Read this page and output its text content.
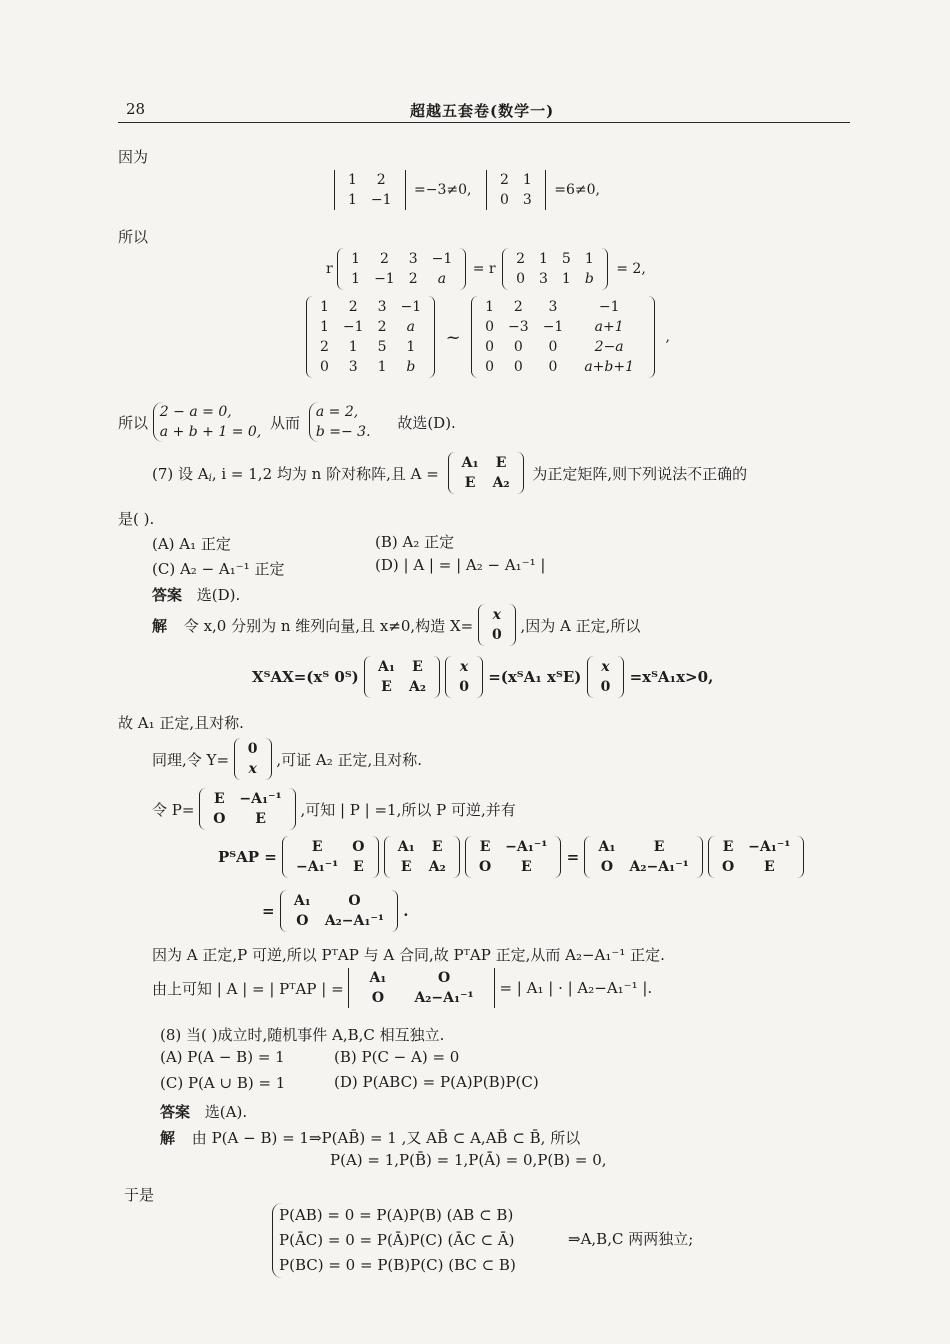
28	超越五套卷(数学一)
因为
1	2
1	−1
=−3≠0,
2	1
0	3
=6≠0,
所以
r
1	2	3	−1
1	−1	2	a
= r
2	1	5	1
0	3	1	b
= 2,
1	2	3	−1
1	−1	2	a
2	1	5	1
0	3	1	b
~
1	2	3	−1
0	−3	−1	a+1
0	0	0	2−a
0	0	0	a+b+1
,
所以
2 − a = 0,
a + b + 1 = 0,
从而
a = 2,
b =− 3.
故选(D).
(7) 设 $A_i$, i = 1,2 均为 n 阶对称阵,且 A =
A₁	E
E	A₂
为正定矩阵,则下列说法不正确的
是( ).
(A) A₁ 正定	(B) A₂ 正定
(C) A₂ − A₁⁻¹ 正定	(D) | A | = | A₂ − A₁⁻¹ |
答案 选(D).
解 令 x,0 分别为 n 维列向量,且 x≠0,构造 X=
x
0
,因为 A 正定,所以
XᵀAX=(xᵀ 0ᵀ)
A₁	E
E	A₂

x
0
=(xᵀA₁ xᵀE)
x
0
=xᵀA₁x>0,
故 A₁ 正定,且对称.
同理,令 Y=
0
x
,可证 A₂ 正定,且对称.
令 P=
E	−A₁⁻¹
O	E
,可知 | P | =1,所以 P 可逆,并有
PᵀAP =
E	O
−A₁⁻¹	E

A₁	E
E	A₂

E	−A₁⁻¹
O	E
=
A₁	E
O	A₂−A₁⁻¹

E	−A₁⁻¹
O	E
=
A₁	O
O	A₂−A₁⁻¹
.
因为 A 正定,P 可逆,所以 PᵀAP 与 A 合同,故 PᵀAP 正定,从而 A₂−A₁⁻¹ 正定.
由上可知 | A | = | PᵀAP | =
A₁	O
O	A₂−A₁⁻¹
= | A₁ | · | A₂−A₁⁻¹ |.
(8) 当( )成立时,随机事件 A,B,C 相互独立.
(A) P(A − B) = 1	(B) P(C − A) = 0
(C) P(A ∪ B) = 1	(D) P(ABC) = P(A)P(B)P(C)
答案 选(A).
解 由 P(A − B) = 1⇒P(AB̄) = 1 ,又 AB̄ ⊂ A,AB̄ ⊂ B̄, 所以
P(A) = 1,P(B̄) = 1,P(Ā) = 0,P(B) = 0,
于是
P(AB) = 0 = P(A)P(B) (AB ⊂ B)
P(ĀC) = 0 = P(Ā)P(C) (ĀC ⊂ Ā)
P(BC) = 0 = P(B)P(C) (BC ⊂ B)
⇒A,B,C 两两独立;
